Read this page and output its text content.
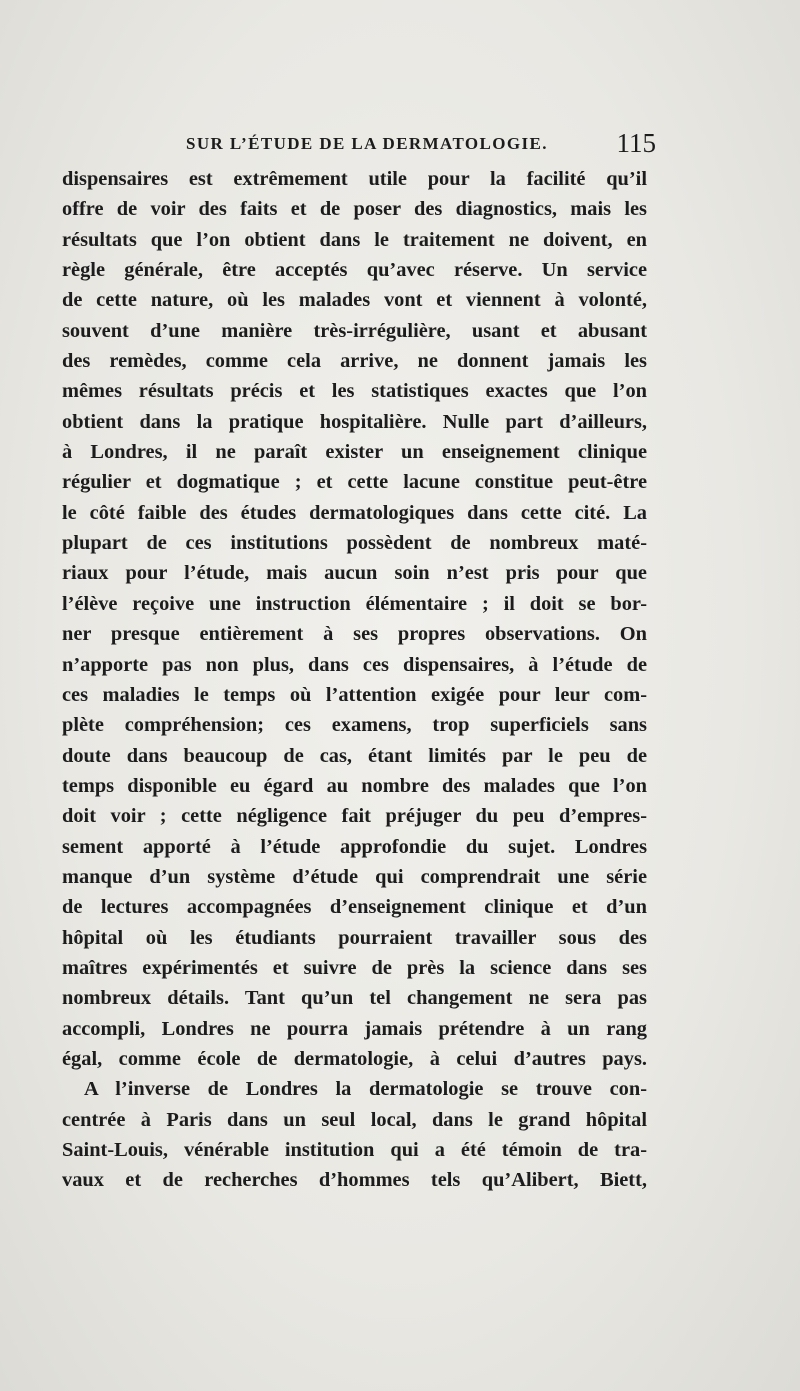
SUR L’ÉTUDE DE LA DERMATOLOGIE.	115
dispensaires est extrêmement utile pour la facilité qu’il
offre de voir des faits et de poser des diagnostics, mais les
résultats que l’on obtient dans le traitement ne doivent, en
règle générale, être acceptés qu’avec réserve. Un service
de cette nature, où les malades vont et viennent à volonté,
souvent d’une manière très-irrégulière, usant et abusant
des remèdes, comme cela arrive, ne donnent jamais les
mêmes résultats précis et les statistiques exactes que l’on
obtient dans la pratique hospitalière. Nulle part d’ailleurs,
à Londres, il ne paraît exister un enseignement clinique
régulier et dogmatique ; et cette lacune constitue peut-être
le côté faible des études dermatologiques dans cette cité. La
plupart de ces institutions possèdent de nombreux maté-
riaux pour l’étude, mais aucun soin n’est pris pour que
l’élève reçoive une instruction élémentaire ; il doit se bor-
ner presque entièrement à ses propres observations. On
n’apporte pas non plus, dans ces dispensaires, à l’étude de
ces maladies le temps où l’attention exigée pour leur com-
plète compréhension; ces examens, trop superficiels sans
doute dans beaucoup de cas, étant limités par le peu de
temps disponible eu égard au nombre des malades que l’on
doit voir ; cette négligence fait préjuger du peu d’empres-
sement apporté à l’étude approfondie du sujet. Londres
manque d’un système d’étude qui comprendrait une série
de lectures accompagnées d’enseignement clinique et d’un
hôpital où les étudiants pourraient travailler sous des
maîtres expérimentés et suivre de près la science dans ses
nombreux détails. Tant qu’un tel changement ne sera pas
accompli, Londres ne pourra jamais prétendre à un rang
égal, comme école de dermatologie, à celui d’autres pays.
A l’inverse de Londres la dermatologie se trouve con-
centrée à Paris dans un seul local, dans le grand hôpital
Saint-Louis, vénérable institution qui a été témoin de tra-
vaux et de recherches d’hommes tels qu’Alibert, Biett,
